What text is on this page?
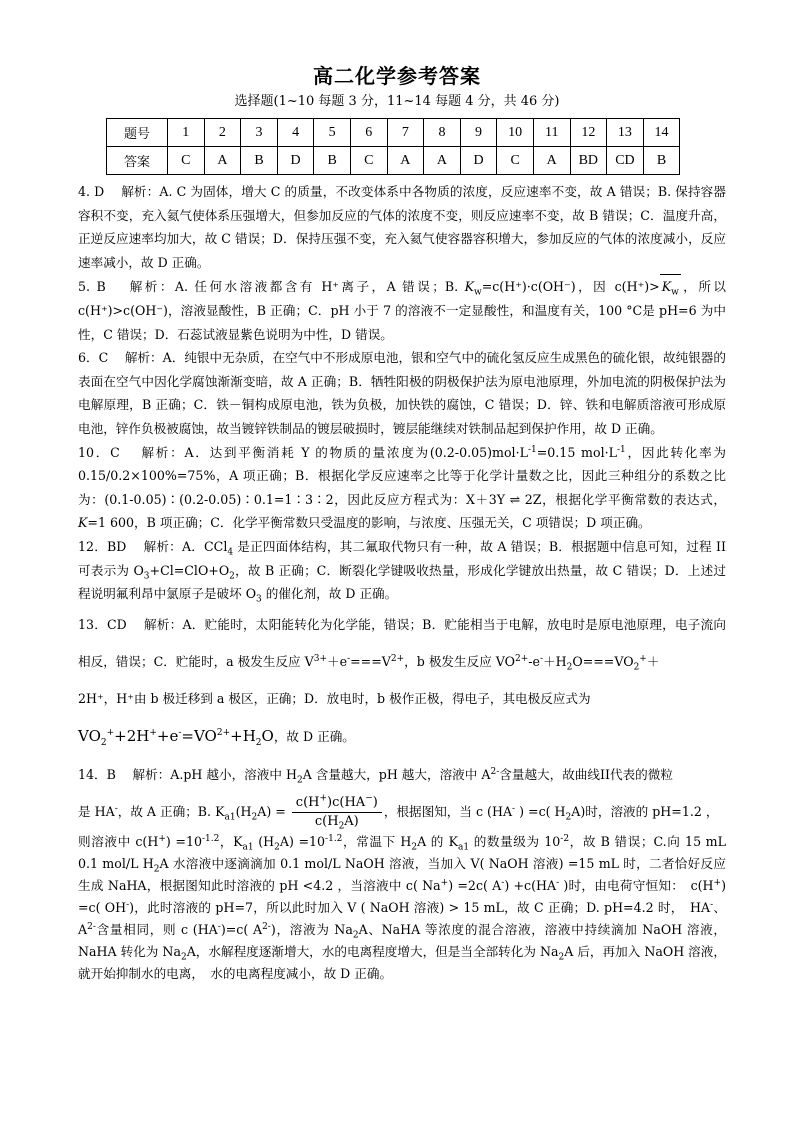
高二化学参考答案
选择题(1~10 每题 3 分，11~14 每题 4 分，共 46 分)
题号	1	2	3	4	5	6	7	8	9	10	11	12	13	14
答案	C	A	B	D	B	C	A	A	D	C	A	BD	CD	B

4. D　 解析：A. C 为固体，增大 C 的质量，不改变体系中各物质的浓度，反应速率不变，故 A 错误；B. 保持容器容积不变，充入氦气使体系压强增大，但参加反应的气体的浓度不变，则反应速率不变，故 B 错误；C．温度升高，正逆反应速率均加大，故 C 错误；D．保持压强不变，充入氦气使容器容积增大，参加反应的气体的浓度减小，反应速率减小，故 D 正确。

5. B　 解析：A. 任何水溶液都含有 H⁺离子，A 错误；B. $K_w=c(H^+)\cdot c(OH^-)$，因 $c(H^+)> K_w$ ，所以 c(H⁺)>c(OH⁻)，溶液显酸性，B 正确；C．pH 小于 7 的溶液不一定显酸性，和温度有关，100 °C是 pH=6 为中性，C 错误；D．石蕊试液显紫色说明为中性，D 错误。

6．C　 解析：A．纯银中无杂质，在空气中不形成原电池，银和空气中的硫化氢反应生成黑色的硫化银，故纯银器的表面在空气中因化学腐蚀渐渐变暗，故 A 正确；B．牺牲阳极的阴极保护法为原电池原理，外加电流的阴极保护法为电解原理，B 正确；C．铁－铜构成原电池，铁为负极，加快铁的腐蚀，C 错误；D．锌、铁和电解质溶液可形成原电池，锌作负极被腐蚀，故当镀锌铁制品的镀层破损时，镀层能继续对铁制品起到保护作用，故 D 正确。

10．C　 解析：A．达到平衡消耗 Y 的物质的量浓度为$(0.2-0.05)mol\cdot L^{-1}=0.15$ $mol\cdot L^{-1}$，因此转化率为 0.15/0.2×100%=75%，A 项正确；B．根据化学反应速率之比等于化学计量数之比，因此三种组分的系数之比为：(0.1-0.05)∶(0.2-0.05)∶0.1=1∶3∶2，因此反应方程式为：X＋3Y ⇌ 2Z，根据化学平衡常数的表达式，K=1 600，B 项正确；C．化学平衡常数只受温度的影响，与浓度、压强无关，C 项错误；D 项正确。

12．BD　 解析：A．CCl$_4$ 是正四面体结构，其二氟取代物只有一种，故 A 错误；B．根据题中信息可知，过程 II 可表示为 $O_3+Cl=ClO+O_2$，故 B 正确；C．断裂化学键吸收热量，形成化学键放出热量，故 C 错误；D．上述过程说明氟利昂中氯原子是破坏 $O_3$ 的催化剂，故 D 正确。

13．CD　 解析：A．贮能时，太阳能转化为化学能，错误；B．贮能相当于电解，放电时是原电池原理，电子流向相反，错误；C．贮能时，a 极发生反应 $V^{3+}+e^-===V^{2+}$，b 极发生反应 $VO^{2+}-e^-+H_2O===VO_2^++$

2H⁺，H⁺由 b 极迁移到 a 极区，正确；D．放电时，b 极作正极，得电子，其电极反应式为

$VO_2^++2H^++e^-=VO^{2+}+H_2O$，故 D 正确。

14．B　 解析：A.pH 越小，溶液中 $H_2A$ 含量越大，pH 越大，溶液中 $A^{2-}$含量越大，故曲线II代表的微粒

是 HA-，故 A 正确；B. $K_{a1}(H_2A) = \frac{c(H^+)c(HA^-)}{c(H_2A)}$ ，根据图知，当 c (HA- ) =c( $H_2A$)时，溶液的 pH=1.2 ，

则溶液中 $c(H^+) =10^{-1.2}$，$K_{a1}$ $(H_2A) =10^{-1.2}$，常温下 $H_2A$ 的 $K_{a1}$ 的数量级为 $10^{-2}$，故 B 错误；C.向 15 mL 0.1 mol/L $H_2A$ 水溶液中逐滴滴加 0.1 mol/L NaOH 溶液，当加入 V( NaOH 溶液) =15 mL 时，二者恰好反应生成 NaHA，根据图知此时溶液的 pH <4.2 ，当溶液中 c( Na+) =2c( A-) +c(HA- )时，由电荷守恒知：　c(H+) =c( OH-)，此时溶液的 pH=7，所以此时加入 V ( NaOH 溶液) > 15 mL，故 C 正确；D. pH=4.2 时，　HA-、$A^{2-}$含量相同，则 c (HA-)=c( $A^{2-}$)，溶液为 $Na_2A$、NaHA 等浓度的混合溶液，溶液中持续滴加 NaOH 溶液，NaHA 转化为 $Na_2A$，水解程度逐渐增大，水的电离程度增大，但是当全部转化为 $Na_2A$ 后，再加入 NaOH 溶液，就开始抑制水的电离，　水的电离程度减小，故 D 正确。
